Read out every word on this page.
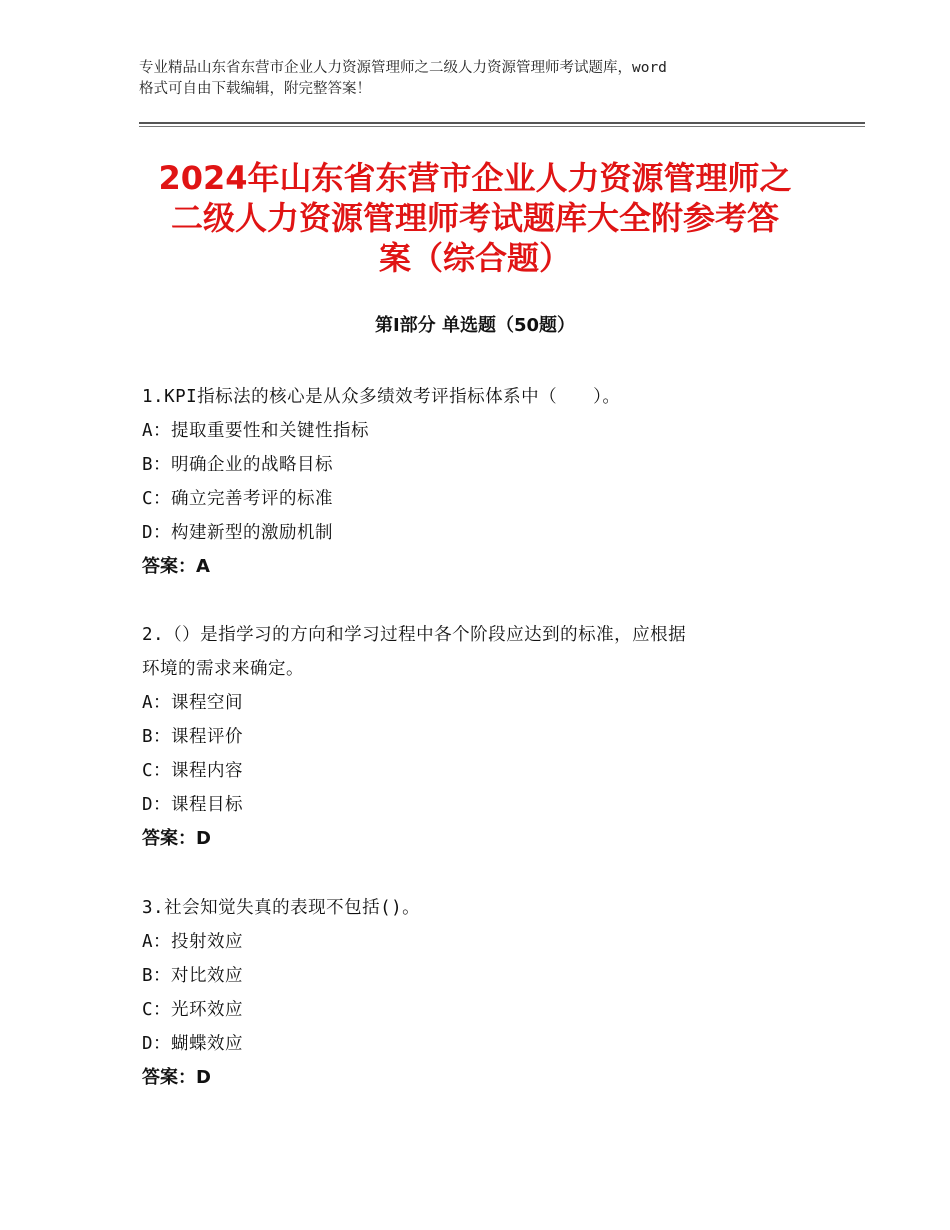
专业精品山东省东营市企业人力资源管理师之二级人力资源管理师考试题库，word
格式可自由下载编辑，附完整答案！
2024年山东省东营市企业人力资源管理师之
二级人力资源管理师考试题库大全附参考答
案（综合题）
第Ⅰ部分 单选题（50题）

1.KPI指标法的核心是从众多绩效考评指标体系中（　　）。

A：提取重要性和关键性指标

B：明确企业的战略目标

C：确立完善考评的标准

D：构建新型的激励机制

答案：A

2.（）是指学习的方向和学习过程中各个阶段应达到的标准，应根据

环境的需求来确定。

A：课程空间

B：课程评价

C：课程内容

D：课程目标

答案：D

3.社会知觉失真的表现不包括()。

A：投射效应

B：对比效应

C：光环效应

D：蝴蝶效应

答案：D
